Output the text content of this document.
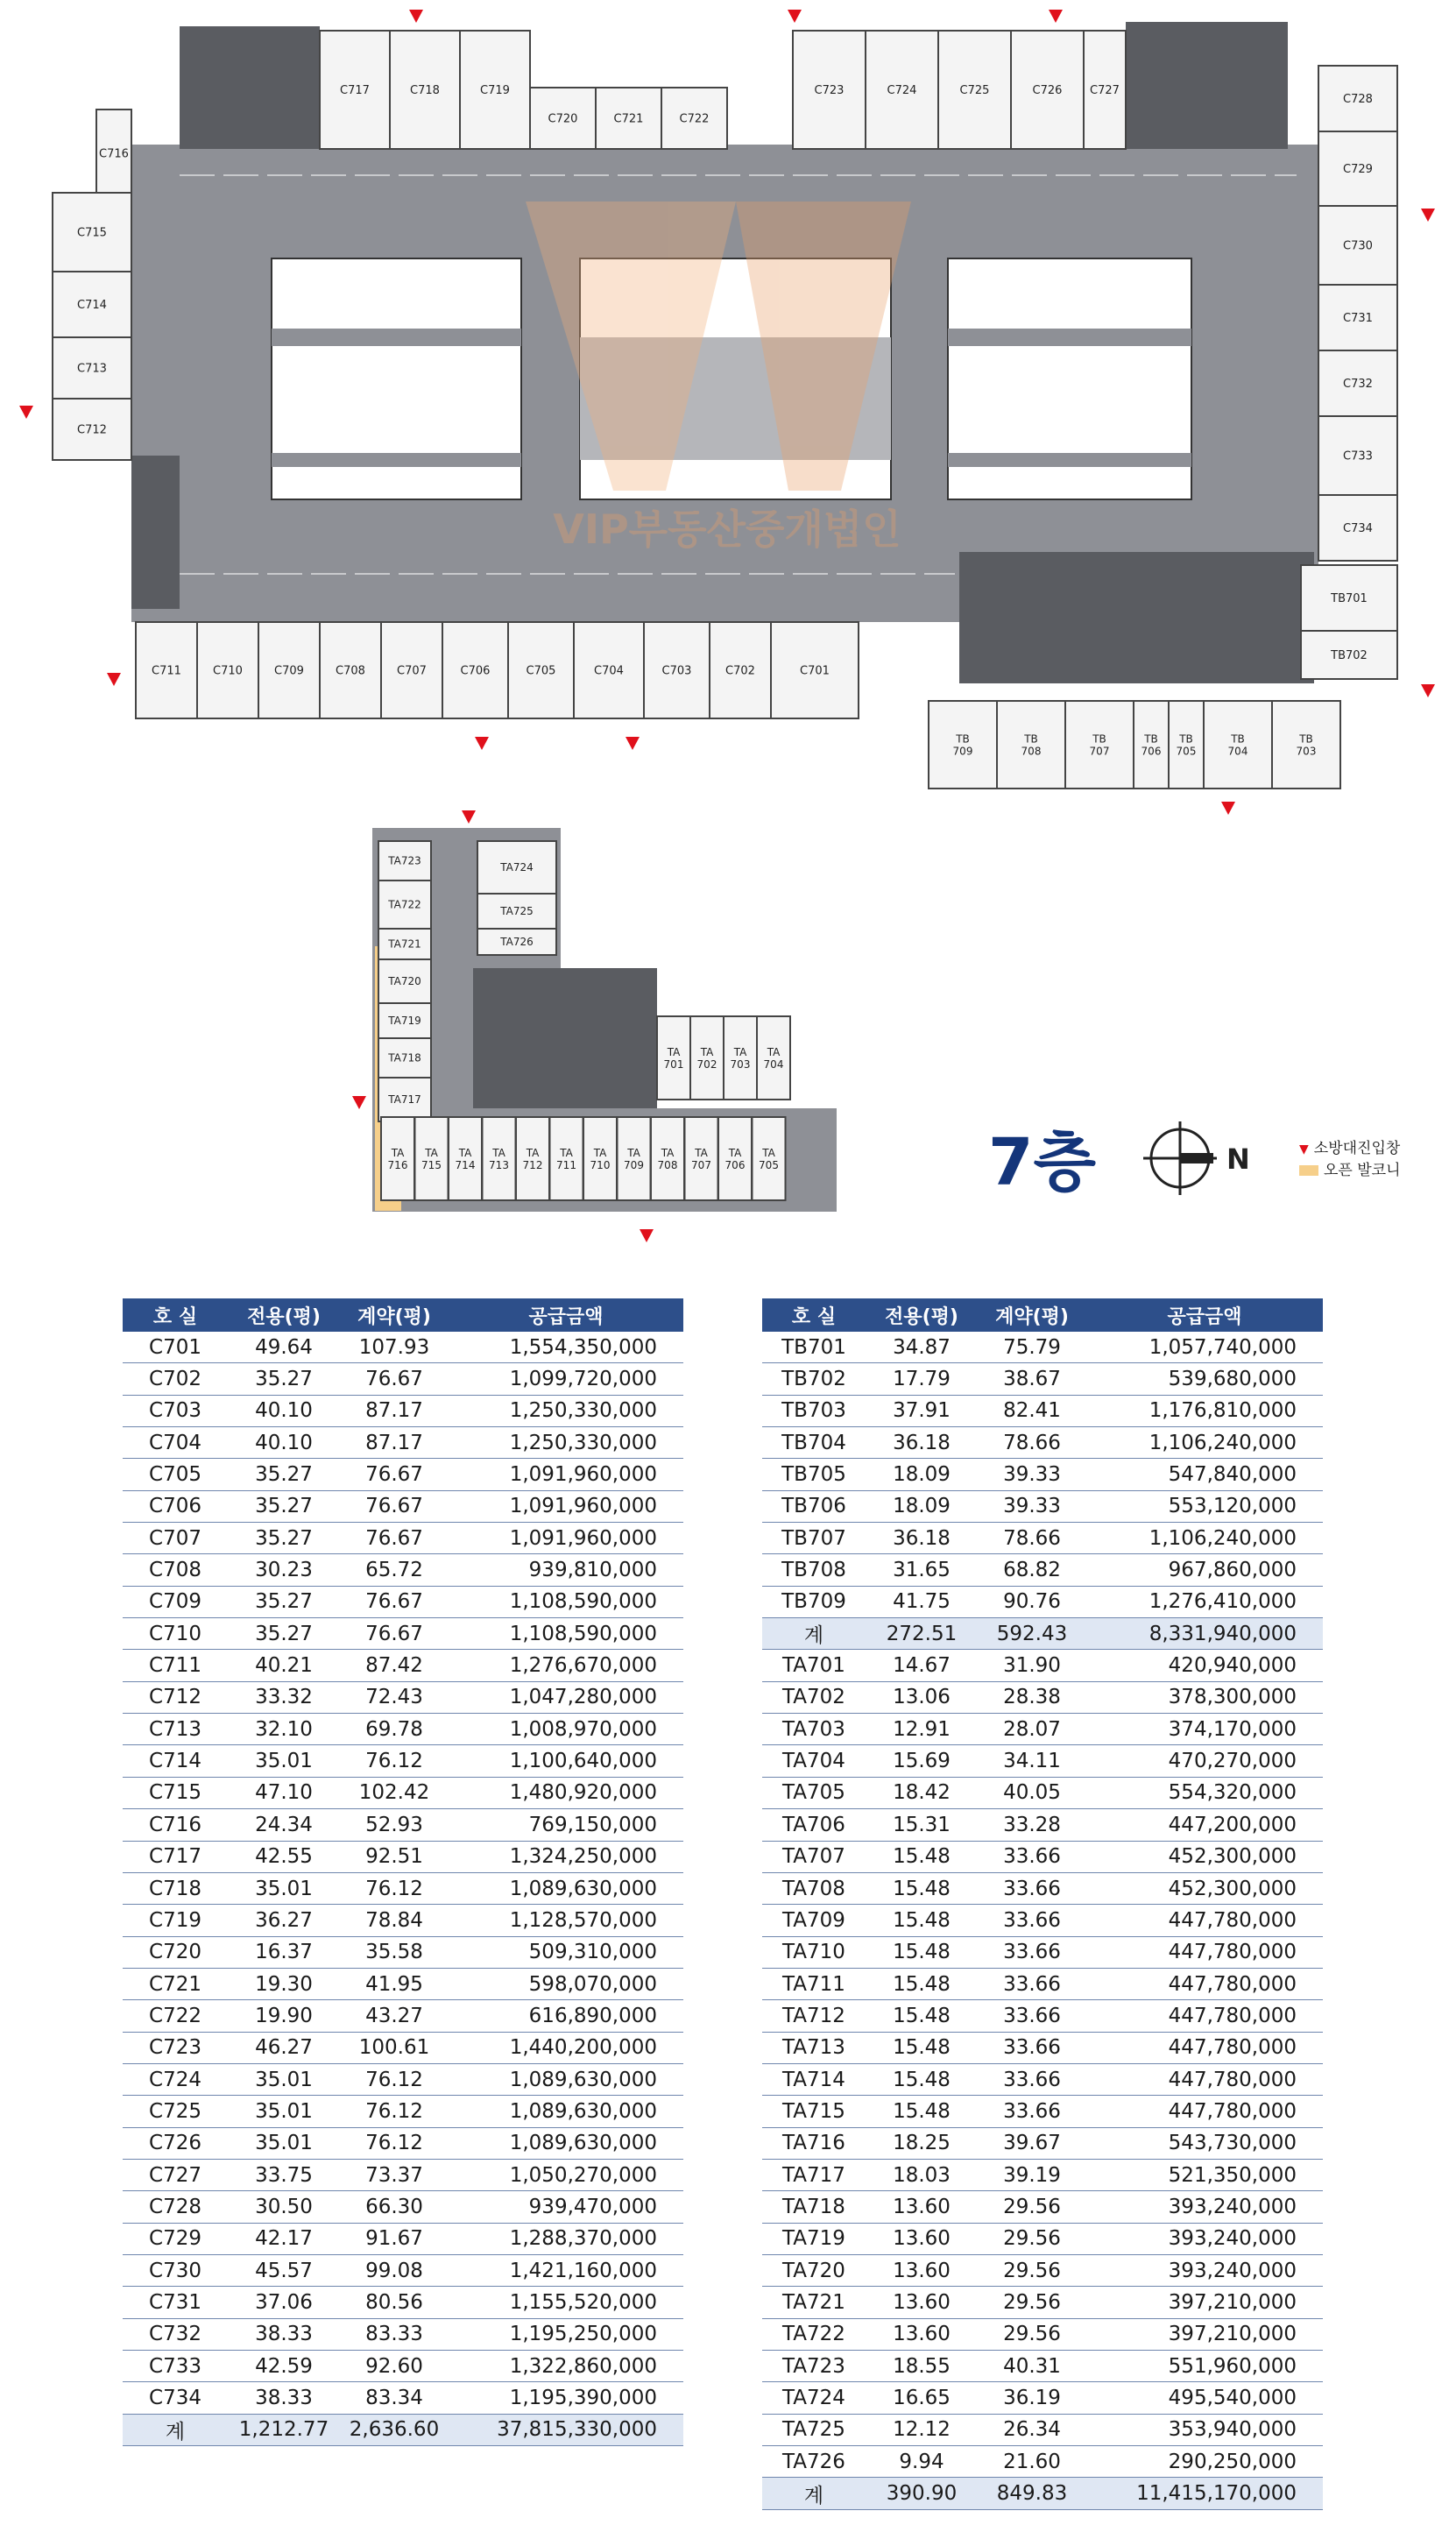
VIP부동산중개법인
C717	C718	C719
C720	C721	C722
C723	C724	C725	C726 C727
C716
C715
C714
C713
C712
C728
C729
C730
C731
C732
C733
C734
TB701
TB702
C711	C710	C709	C708	C707	C706	C705	C704	C703	C702	C701
TB
709
TB
708
TB
707
TB
706
TB
705
TB
704
TB
703
TA723
TA722
TA721
TA720
TA719
TA718
TA717
TA724
TA725
TA726
TA
701
TA
702
TA
703
TA
704
TA
716
TA
715
TA
714
TA
713
TA
712
TA
711
TA
710
TA
709
TA
708
TA
707
TA
706
TA
705	N
7층	▼ 소방대진입창
오픈 발코니
호 실	전용(평)	계약(평)	공급금액
C701	49.64	107.93	1,554,350,000
C702	35.27	76.67	1,099,720,000
C703	40.10	87.17	1,250,330,000
C704	40.10	87.17	1,250,330,000
C705	35.27	76.67	1,091,960,000
C706	35.27	76.67	1,091,960,000
C707	35.27	76.67	1,091,960,000
C708	30.23	65.72	939,810,000
C709	35.27	76.67	1,108,590,000
C710	35.27	76.67	1,108,590,000
C711	40.21	87.42	1,276,670,000
C712	33.32	72.43	1,047,280,000
C713	32.10	69.78	1,008,970,000
C714	35.01	76.12	1,100,640,000
C715	47.10	102.42	1,480,920,000
C716	24.34	52.93	769,150,000
C717	42.55	92.51	1,324,250,000
C718	35.01	76.12	1,089,630,000
C719	36.27	78.84	1,128,570,000
C720	16.37	35.58	509,310,000
C721	19.30	41.95	598,070,000
C722	19.90	43.27	616,890,000
C723	46.27	100.61	1,440,200,000
C724	35.01	76.12	1,089,630,000
C725	35.01	76.12	1,089,630,000
C726	35.01	76.12	1,089,630,000
C727	33.75	73.37	1,050,270,000
C728	30.50	66.30	939,470,000
C729	42.17	91.67	1,288,370,000
C730	45.57	99.08	1,421,160,000
C731	37.06	80.56	1,155,520,000
C732	38.33	83.33	1,195,250,000
C733	42.59	92.60	1,322,860,000
C734	38.33	83.34	1,195,390,000
계	1,212.77	2,636.60	37,815,330,000
호 실	전용(평)	계약(평)	공급금액
TB701	34.87	75.79	1,057,740,000
TB702	17.79	38.67	539,680,000
TB703	37.91	82.41	1,176,810,000
TB704	36.18	78.66	1,106,240,000
TB705	18.09	39.33	547,840,000
TB706	18.09	39.33	553,120,000
TB707	36.18	78.66	1,106,240,000
TB708	31.65	68.82	967,860,000
TB709	41.75	90.76	1,276,410,000
계	272.51	592.43	8,331,940,000
TA701	14.67	31.90	420,940,000
TA702	13.06	28.38	378,300,000
TA703	12.91	28.07	374,170,000
TA704	15.69	34.11	470,270,000
TA705	18.42	40.05	554,320,000
TA706	15.31	33.28	447,200,000
TA707	15.48	33.66	452,300,000
TA708	15.48	33.66	452,300,000
TA709	15.48	33.66	447,780,000
TA710	15.48	33.66	447,780,000
TA711	15.48	33.66	447,780,000
TA712	15.48	33.66	447,780,000
TA713	15.48	33.66	447,780,000
TA714	15.48	33.66	447,780,000
TA715	15.48	33.66	447,780,000
TA716	18.25	39.67	543,730,000
TA717	18.03	39.19	521,350,000
TA718	13.60	29.56	393,240,000
TA719	13.60	29.56	393,240,000
TA720	13.60	29.56	393,240,000
TA721	13.60	29.56	397,210,000
TA722	13.60	29.56	397,210,000
TA723	18.55	40.31	551,960,000
TA724	16.65	36.19	495,540,000
TA725	12.12	26.34	353,940,000
TA726	9.94	21.60	290,250,000
계	390.90	849.83	11,415,170,000
